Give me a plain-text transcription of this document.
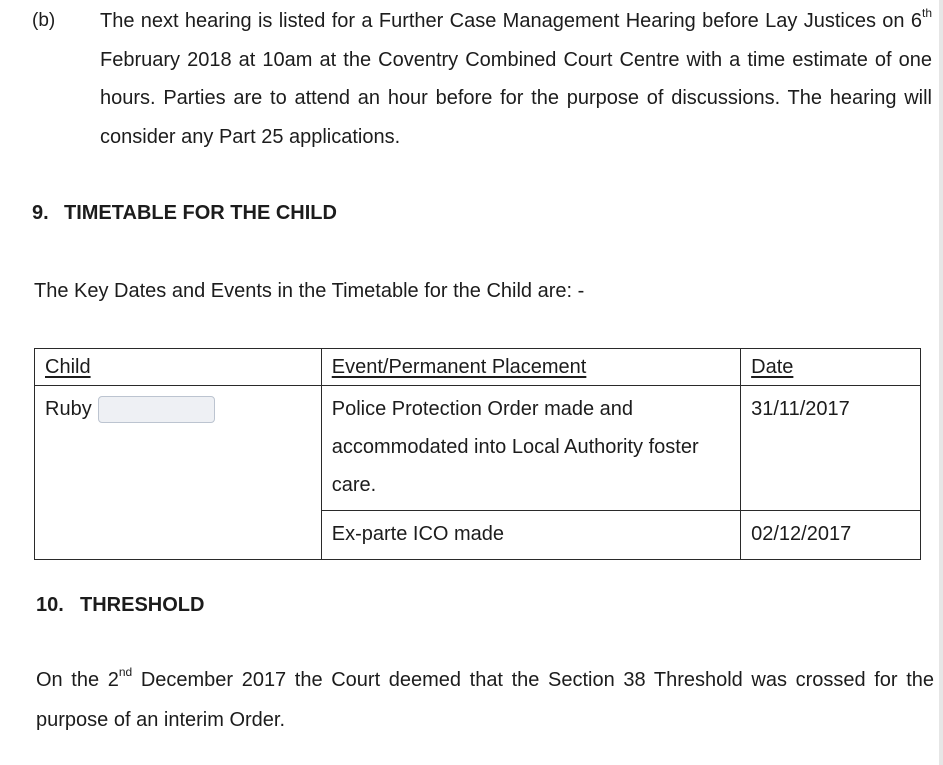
(b) The next hearing is listed for a Further Case Management Hearing before Lay Justices on 6th February 2018 at 10am at the Coventry Combined Court Centre with a time estimate of one hours. Parties are to attend an hour before for the purpose of discussions. The hearing will consider any Part 25 applications.
9. TIMETABLE FOR THE CHILD
The Key Dates and Events in the Timetable for the Child are: -
Child	Event/Permanent Placement	Date

Ruby	Police Protection Order made and accommodated into Local Authority foster care.	31/11/2017
	Ex-parte ICO made	02/12/2017
10. THRESHOLD
On the 2nd December 2017 the Court deemed that the Section 38 Threshold was crossed for the purpose of an interim Order.
